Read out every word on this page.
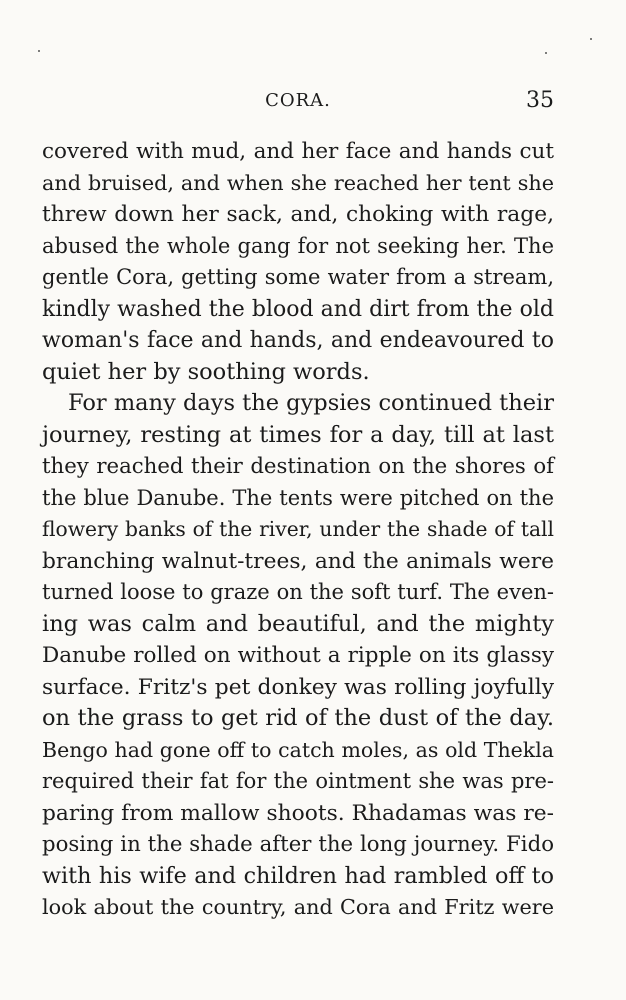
CORA.	35
covered with mud, and her face and hands cut
and bruised, and when she reached her tent she
threw down her sack, and, choking with rage,
abused the whole gang for not seeking her. The
gentle Cora, getting some water from a stream,
kindly washed the blood and dirt from the old
woman's face and hands, and endeavoured to
quiet her by soothing words.
For many days the gypsies continued their
journey, resting at times for a day, till at last
they reached their destination on the shores of
the blue Danube. The tents were pitched on the
flowery banks of the river, under the shade of tall
branching walnut-trees, and the animals were
turned loose to graze on the soft turf. The even-
ing was calm and beautiful, and the mighty
Danube rolled on without a ripple on its glassy
surface. Fritz's pet donkey was rolling joyfully
on the grass to get rid of the dust of the day.
Bengo had gone off to catch moles, as old Thekla
required their fat for the ointment she was pre-
paring from mallow shoots. Rhadamas was re-
posing in the shade after the long journey. Fido
with his wife and children had rambled off to
look about the country, and Cora and Fritz were
